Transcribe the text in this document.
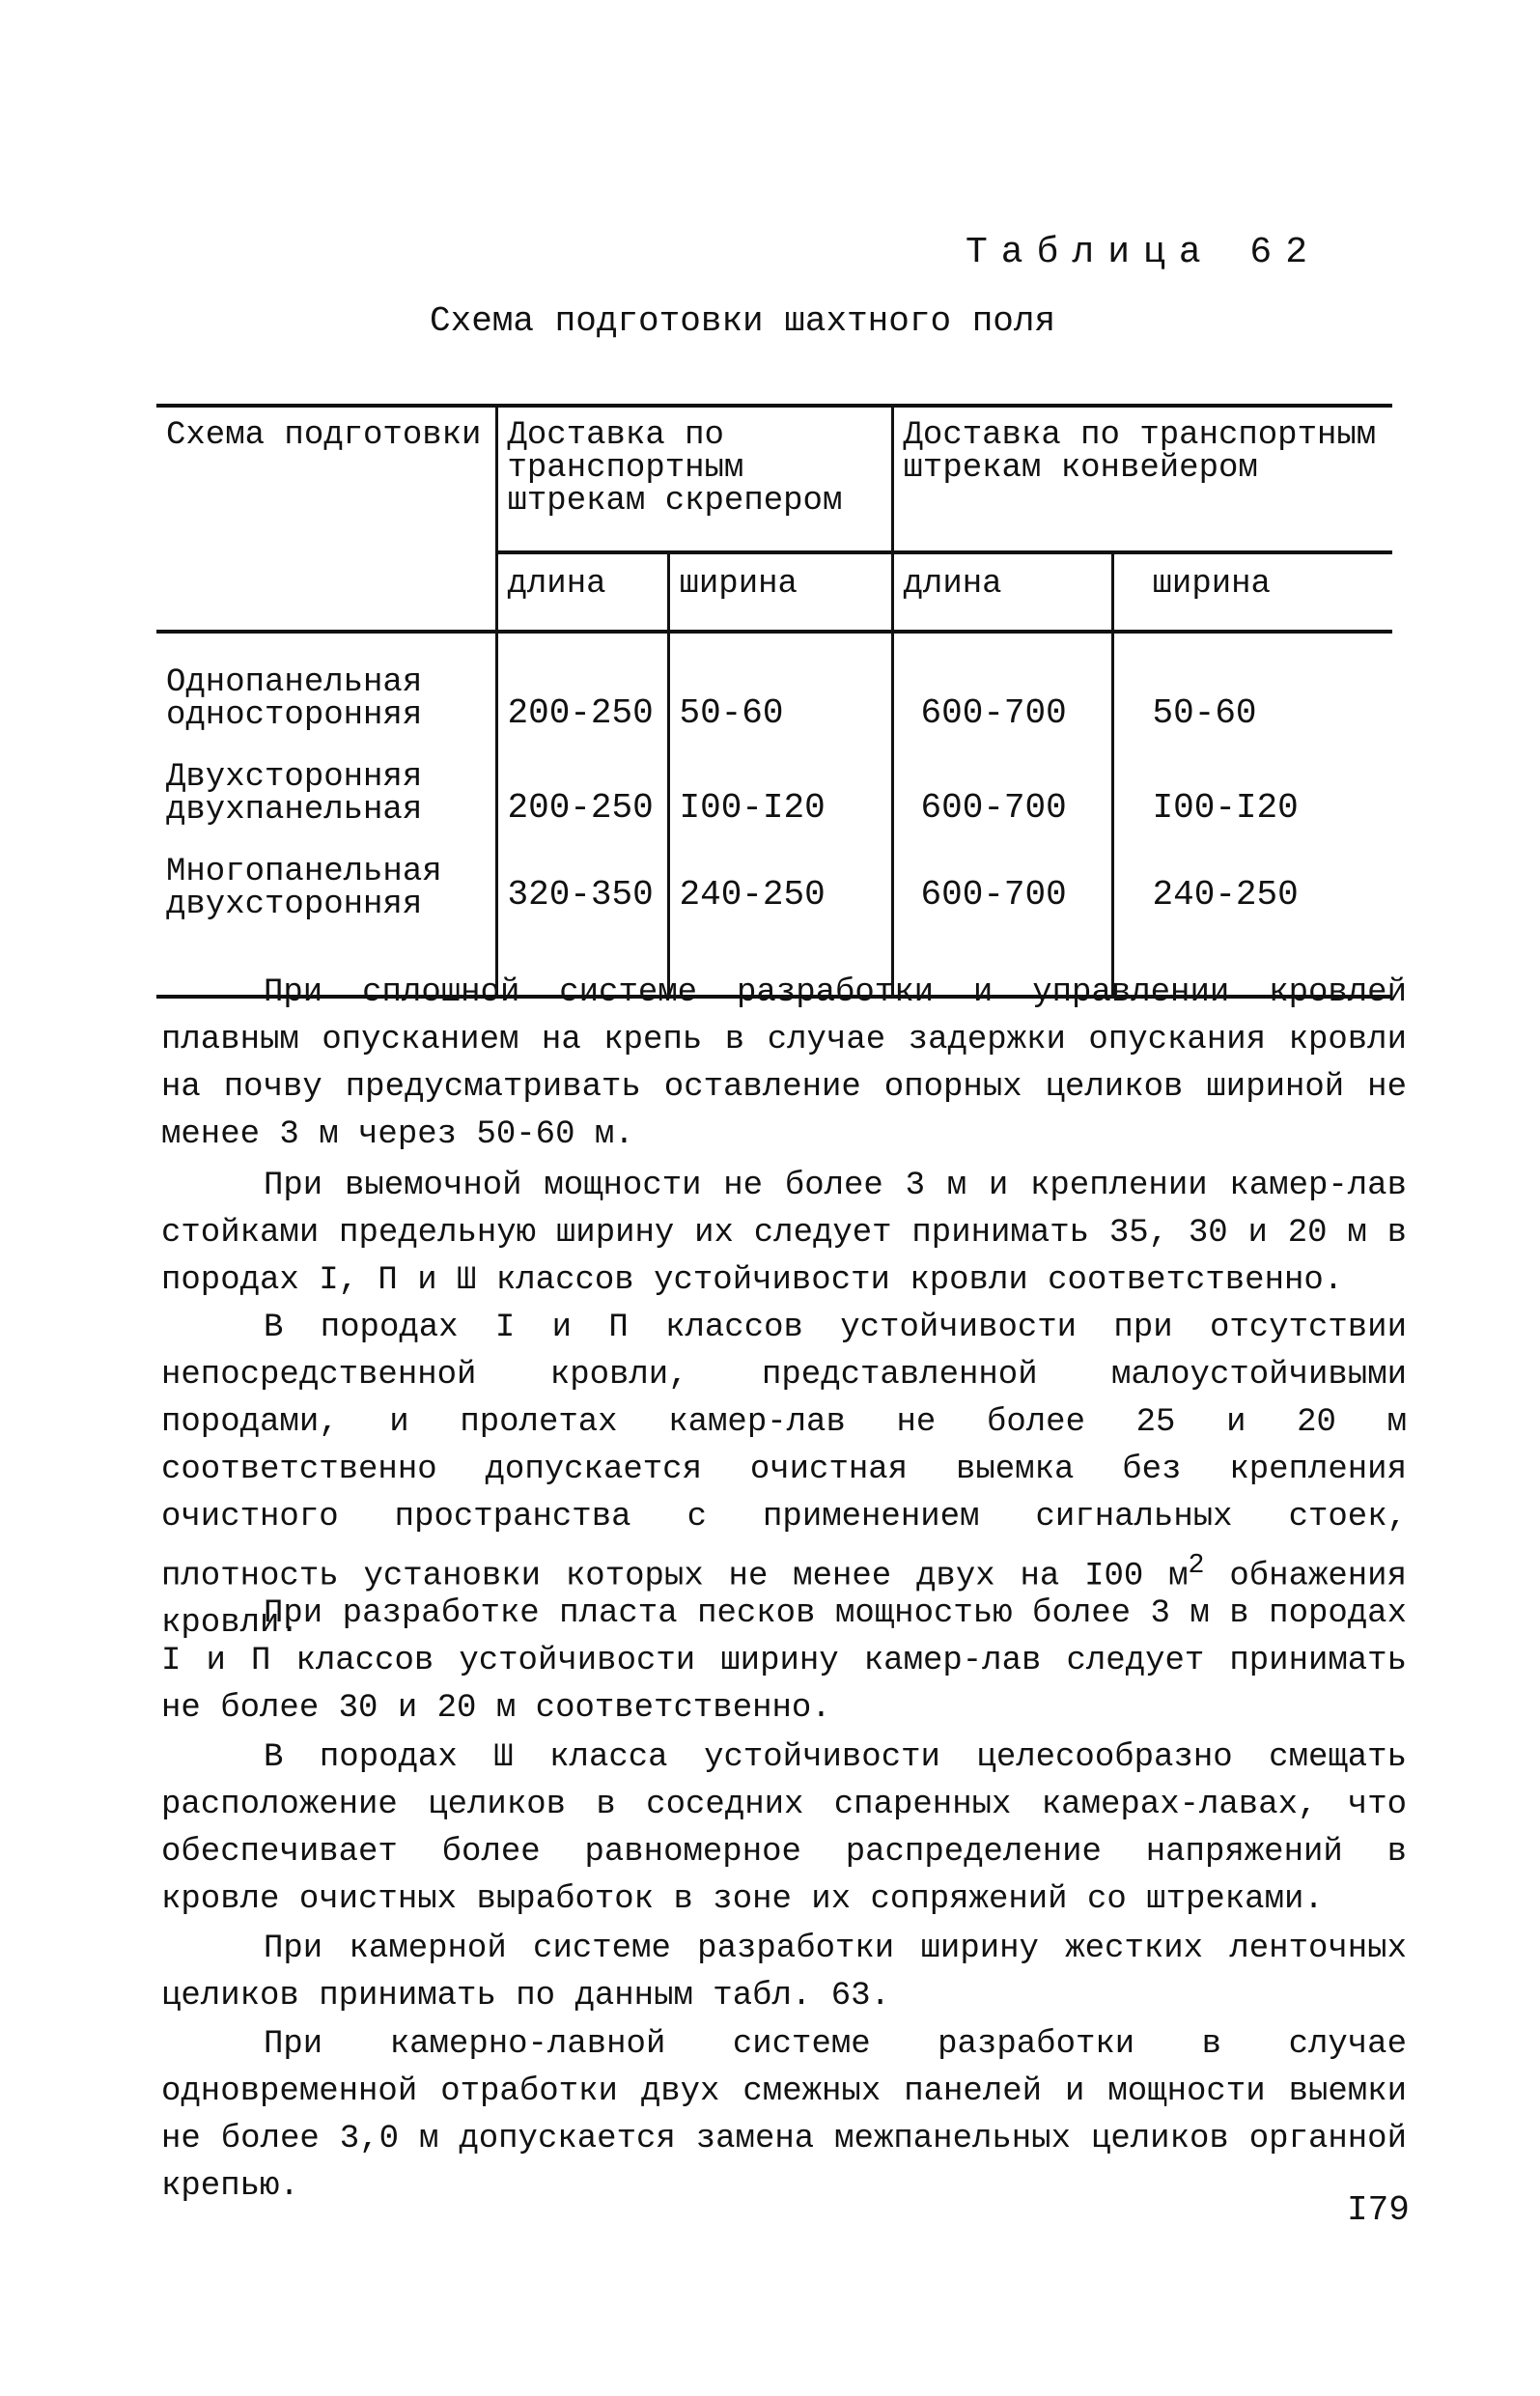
Таблица 62
Схема подготовки шахтного поля
Схема подготовки	Доставка по транспортным штрекам скрепером		Доставка по транспортным штрекам конвейером	
	длина	ширина	длина	ширина
Однопанельная односторонняя	200-250	50-60	600-700	50-60
Двухсторонняя двухпанельная	200-250	I00-I20	600-700	I00-I20
Многопанельная двухсторонняя	320-350	240-250	600-700	240-250

При сплошной системе разработки и управлении кровлей плавным опусканием на крепь в случае задержки опускания кровли на почву предусматривать оставление опорных целиков шириной не менее 3 м через 50-60 м.

При выемочной мощности не более 3 м и креплении камер-лав стойками предельную ширину их следует принимать 35, 30 и 20 м в породах I, П и Ш классов устойчивости кровли соответственно.

В породах I и П классов устойчивости при отсутствии непосредственной кровли, представленной малоустойчивыми породами, и пролетах камер-лав не более 25 и 20 м соответственно допускается очистная выемка без крепления очистного пространства с применением сигнальных стоек, плотность установки которых не менее двух на I00 $м^2$ обнажения кровли.

При разработке пласта песков мощностью более 3 м в породах I и П классов устойчивости ширину камер-лав следует принимать не более 30 и 20 м соответственно.

В породах Ш класса устойчивости целесообразно смещать расположение целиков в соседних спаренных камерах-лавах, что обеспечивает более равномерное распределение напряжений в кровле очистных выработок в зоне их сопряжений со штреками.

При камерной системе разработки ширину жестких ленточных целиков принимать по данным табл. 63.

При камерно-лавной системе разработки в случае одновременной отработки двух смежных панелей и мощности выемки не более 3,0 м допускается замена межпанельных целиков органной крепью.

I79
